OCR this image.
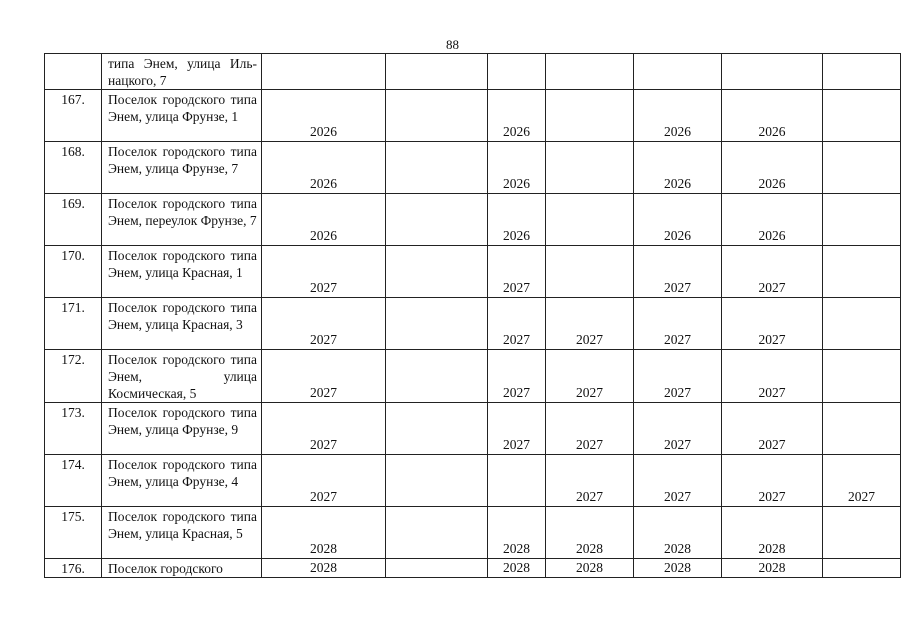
88
	типа Энем, улица Иль-нацкого, 7							
167.	Поселок городского типа Энем, улица Фрунзе, 1	2026		2026		2026	2026	
168.	Поселок городского типа Энем, улица Фрунзе, 7	2026		2026		2026	2026	
169.	Поселок городского типа Энем, переулок Фрунзе, 7	2026		2026		2026	2026	
170.	Поселок городского типа Энем, улица Красная, 1	2027		2027		2027	2027	
171.	Поселок городского типа Энем, улица Красная, 3	2027		2027	2027	2027	2027	
172.	Поселок городского типа Энем, улица Космическая, 5	2027		2027	2027	2027	2027	
173.	Поселок городского типа Энем, улица Фрунзе, 9	2027		2027	2027	2027	2027	
174.	Поселок городского типа Энем, улица Фрунзе, 4	2027			2027	2027	2027	2027
175.	Поселок городского типа Энем, улица Красная, 5	2028		2028	2028	2028	2028	
176.	Поселок городского	2028		2028	2028	2028	2028	
